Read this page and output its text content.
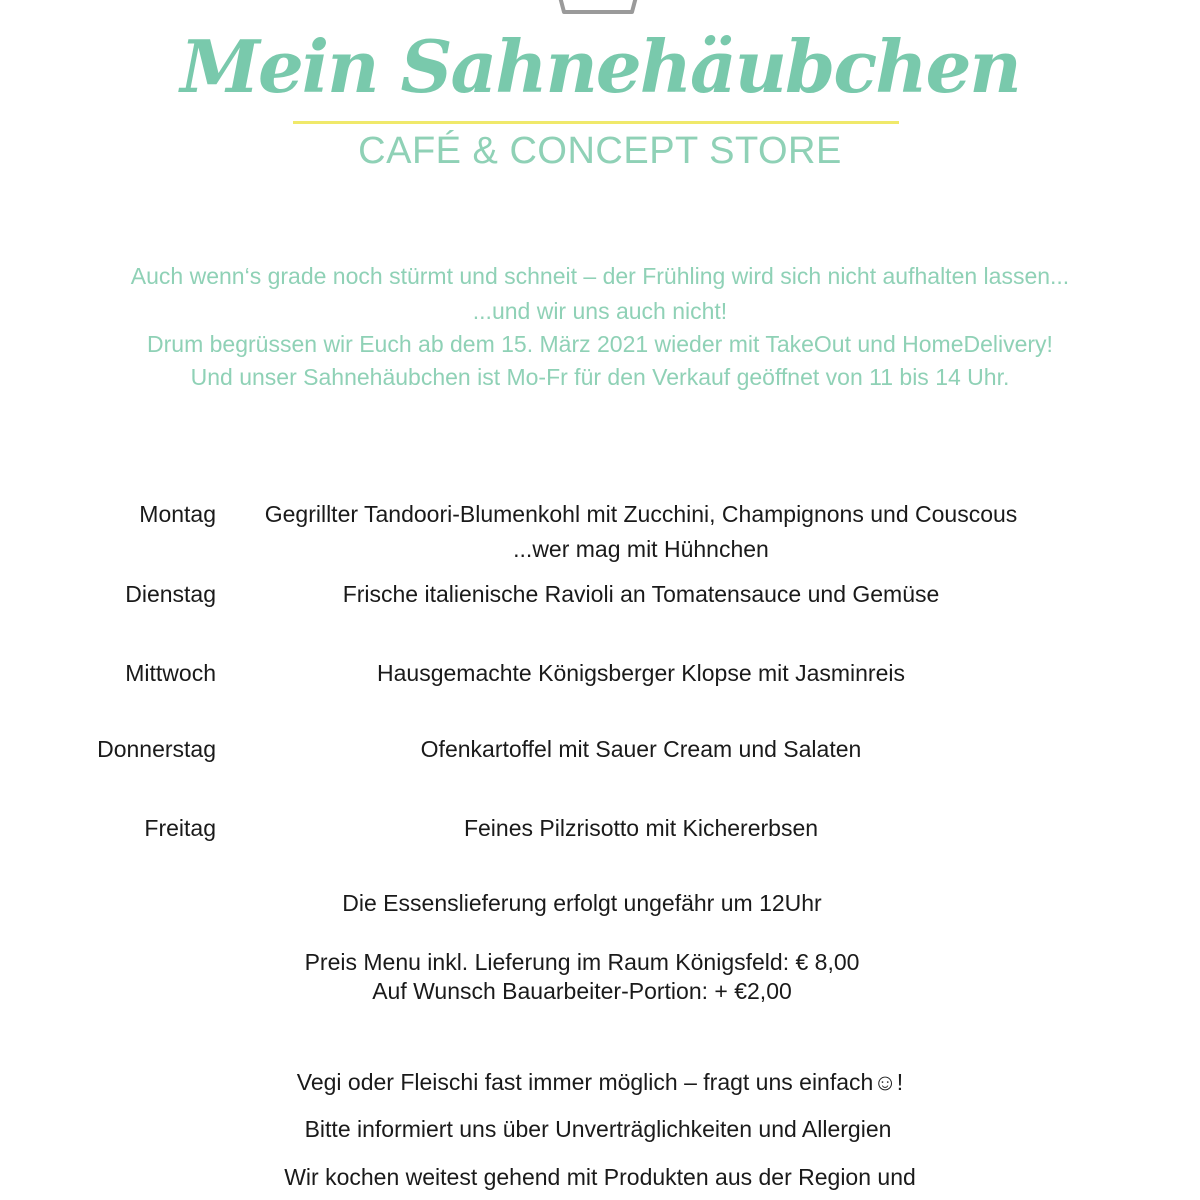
Mein Sahnehäubchen
CAFÉ & CONCEPT STORE
Auch wenn‘s grade noch stürmt und schneit – der Frühling wird sich nicht aufhalten lassen...
...und wir uns auch nicht!
Drum begrüssen wir Euch ab dem 15. März 2021 wieder mit TakeOut und HomeDelivery!
Und unser Sahnehäubchen ist Mo-Fr für den Verkauf geöffnet von 11 bis 14 Uhr.
Montag	Gegrillter Tandoori-Blumenkohl mit Zucchini, Champignons und Couscous
...wer mag mit Hühnchen
Dienstag	Frische italienische Ravioli an Tomatensauce und Gemüse
Mittwoch	Hausgemachte Königsberger Klopse mit Jasminreis
Donnerstag	Ofenkartoffel mit Sauer Cream und Salaten
Freitag	Feines Pilzrisotto mit Kichererbsen
Die Essenslieferung erfolgt ungefähr um 12Uhr
Preis Menu inkl. Lieferung im Raum Königsfeld: € 8,00
Auf Wunsch Bauarbeiter-Portion: + €2,00
Vegi oder Fleischi fast immer möglich – fragt uns einfach☺!
Bitte informiert uns über Unverträglichkeiten und Allergien
Wir kochen weitest gehend mit Produkten aus der Region und
